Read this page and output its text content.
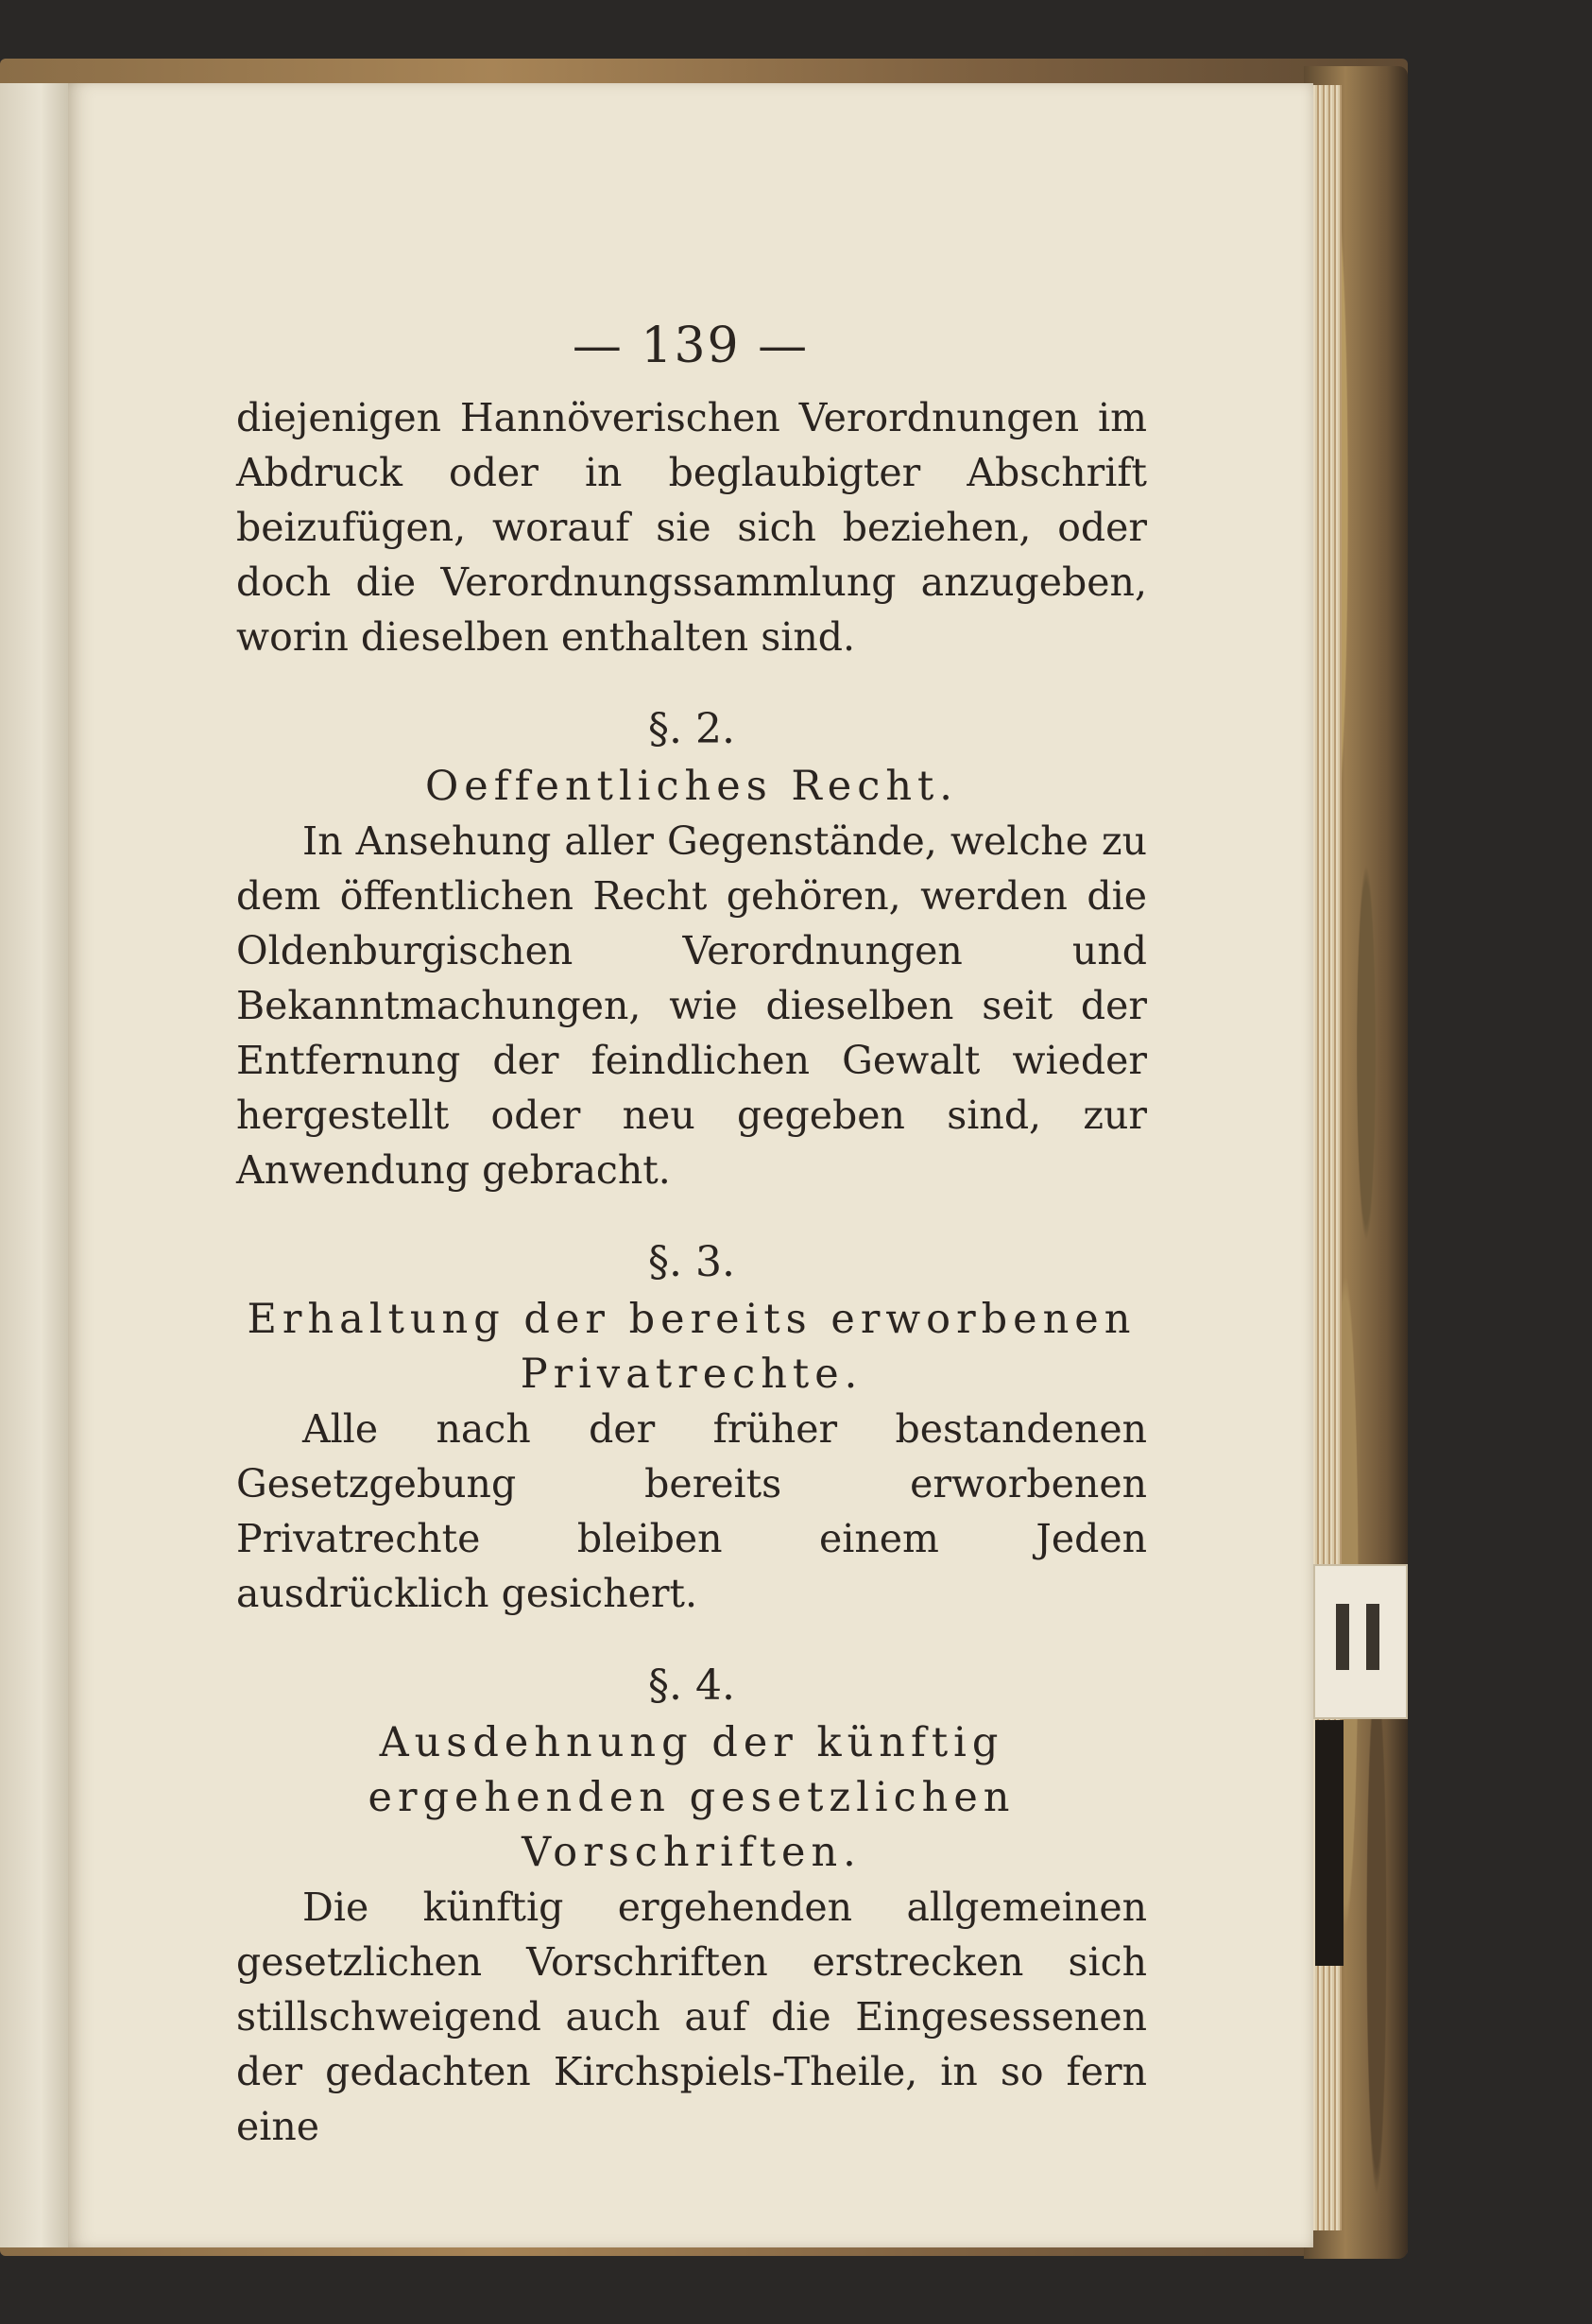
— 139 —

diejenigen Hannöverischen Verordnungen im Abdruck oder in beglaubigter Abschrift beizufügen, worauf sie sich beziehen, oder doch die Verordnungssammlung anzugeben, worin dieselben enthalten sind.

§. 2.
Oeffentliches Recht.

In Ansehung aller Gegenstände, welche zu dem öffentlichen Recht gehören, werden die Oldenburgischen Verordnungen und Bekanntmachungen, wie dieselben seit der Entfernung der feindlichen Gewalt wieder hergestellt oder neu gegeben sind, zur Anwendung gebracht.

§. 3.
Erhaltung der bereits erworbenen Privatrechte.

Alle nach der früher bestandenen Gesetzgebung bereits erworbenen Privatrechte bleiben einem Jeden ausdrücklich gesichert.

§. 4.
Ausdehnung der künftig ergehenden gesetzlichen Vorschriften.

Die künftig ergehenden allgemeinen gesetzlichen Vorschriften erstrecken sich stillschweigend auch auf die Eingesessenen der gedachten Kirchspiels-Theile, in so fern eine
